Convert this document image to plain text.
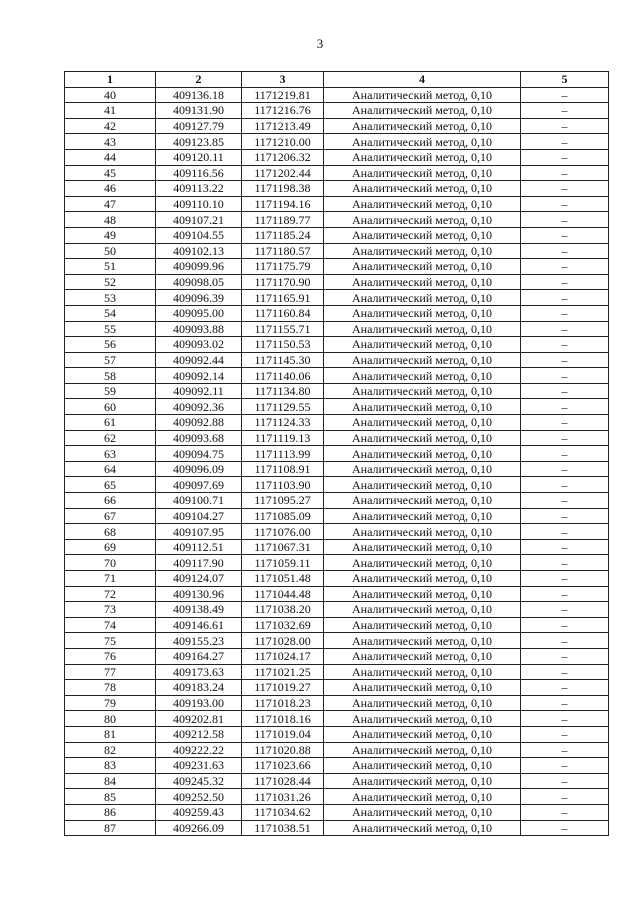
3
1	2	3	4	5
40	409136.18	1171219.81	Аналитический метод, 0,10	–
41	409131.90	1171216.76	Аналитический метод, 0,10	–
42	409127.79	1171213.49	Аналитический метод, 0,10	–
43	409123.85	1171210.00	Аналитический метод, 0,10	–
44	409120.11	1171206.32	Аналитический метод, 0,10	–
45	409116.56	1171202.44	Аналитический метод, 0,10	–
46	409113.22	1171198.38	Аналитический метод, 0,10	–
47	409110.10	1171194.16	Аналитический метод, 0,10	–
48	409107.21	1171189.77	Аналитический метод, 0,10	–
49	409104.55	1171185.24	Аналитический метод, 0,10	–
50	409102.13	1171180.57	Аналитический метод, 0,10	–
51	409099.96	1171175.79	Аналитический метод, 0,10	–
52	409098.05	1171170.90	Аналитический метод, 0,10	–
53	409096.39	1171165.91	Аналитический метод, 0,10	–
54	409095.00	1171160.84	Аналитический метод, 0,10	–
55	409093.88	1171155.71	Аналитический метод, 0,10	–
56	409093.02	1171150.53	Аналитический метод, 0,10	–
57	409092.44	1171145.30	Аналитический метод, 0,10	–
58	409092.14	1171140.06	Аналитический метод, 0,10	–
59	409092.11	1171134.80	Аналитический метод, 0,10	–
60	409092.36	1171129.55	Аналитический метод, 0,10	–
61	409092.88	1171124.33	Аналитический метод, 0,10	–
62	409093.68	1171119.13	Аналитический метод, 0,10	–
63	409094.75	1171113.99	Аналитический метод, 0,10	–
64	409096.09	1171108.91	Аналитический метод, 0,10	–
65	409097.69	1171103.90	Аналитический метод, 0,10	–
66	409100.71	1171095.27	Аналитический метод, 0,10	–
67	409104.27	1171085.09	Аналитический метод, 0,10	–
68	409107.95	1171076.00	Аналитический метод, 0,10	–
69	409112.51	1171067.31	Аналитический метод, 0,10	–
70	409117.90	1171059.11	Аналитический метод, 0,10	–
71	409124.07	1171051.48	Аналитический метод, 0,10	–
72	409130.96	1171044.48	Аналитический метод, 0,10	–
73	409138.49	1171038.20	Аналитический метод, 0,10	–
74	409146.61	1171032.69	Аналитический метод, 0,10	–
75	409155.23	1171028.00	Аналитический метод, 0,10	–
76	409164.27	1171024.17	Аналитический метод, 0,10	–
77	409173.63	1171021.25	Аналитический метод, 0,10	–
78	409183.24	1171019.27	Аналитический метод, 0,10	–
79	409193.00	1171018.23	Аналитический метод, 0,10	–
80	409202.81	1171018.16	Аналитический метод, 0,10	–
81	409212.58	1171019.04	Аналитический метод, 0,10	–
82	409222.22	1171020.88	Аналитический метод, 0,10	–
83	409231.63	1171023.66	Аналитический метод, 0,10	–
84	409245.32	1171028.44	Аналитический метод, 0,10	–
85	409252.50	1171031.26	Аналитический метод, 0,10	–
86	409259.43	1171034.62	Аналитический метод, 0,10	–
87	409266.09	1171038.51	Аналитический метод, 0,10	–
